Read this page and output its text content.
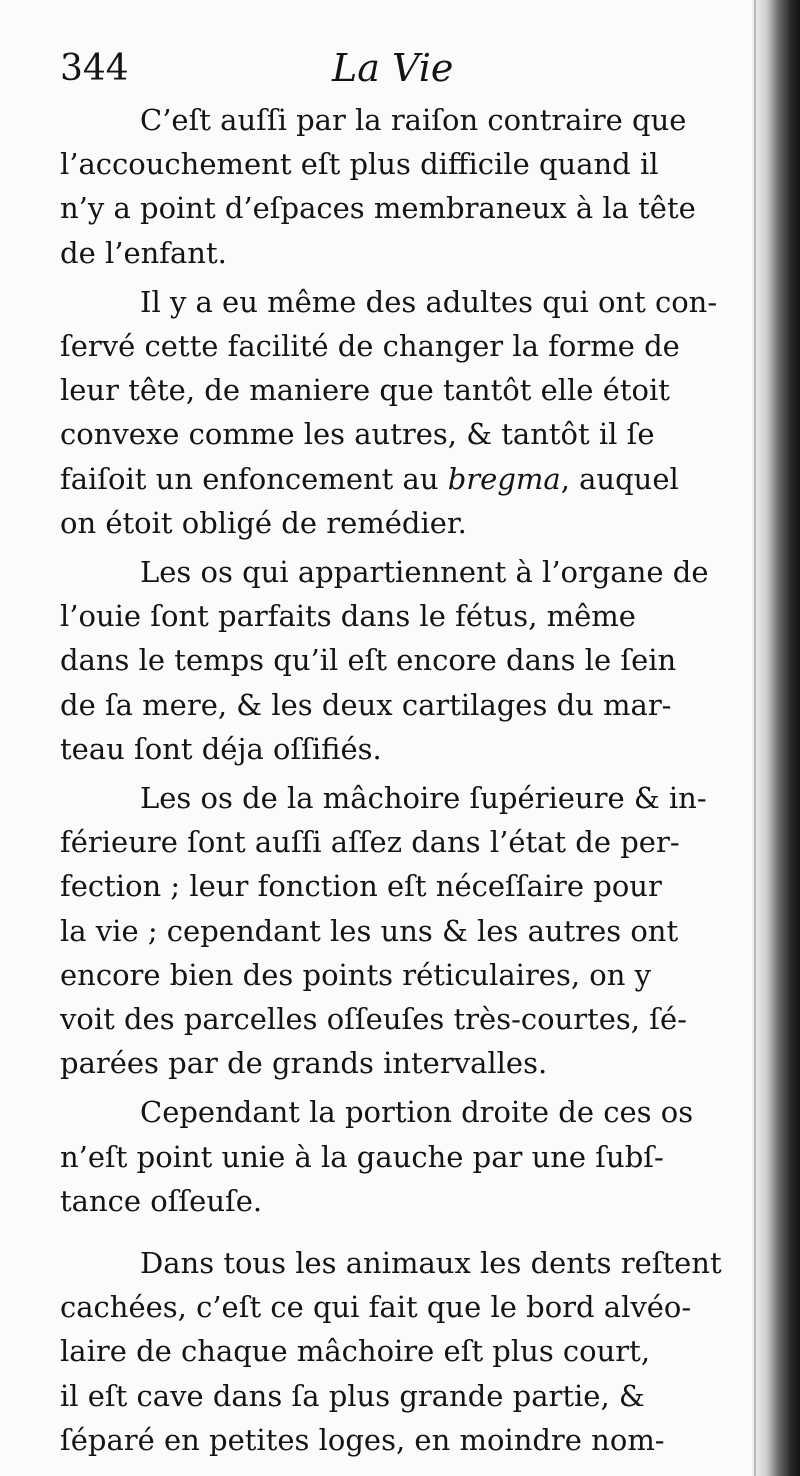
344	La Vie

C’eſt auſſi par la raiſon contraire que
l’accouchement eſt plus difficile quand il
n’y a point d’eſpaces membraneux à la tête
de l’enfant.

Il y a eu même des adultes qui ont con-
ſervé cette facilité de changer la forme de
leur tête, de maniere que tantôt elle étoit
convexe comme les autres, & tantôt il ſe
faiſoit un enfoncement au bregma, auquel
on étoit obligé de remédier.

Les os qui appartiennent à l’organe de
l’ouie ſont parfaits dans le fétus, même
dans le temps qu’il eſt encore dans le ſein
de ſa mere, & les deux cartilages du mar-
teau ſont déja oſſifiés.

Les os de la mâchoire ſupérieure & in-
férieure ſont auſſi aſſez dans l’état de per-
fection ; leur fonction eſt néceſſaire pour
la vie ; cependant les uns & les autres ont
encore bien des points réticulaires, on y
voit des parcelles oſſeuſes très-courtes, ſé-
parées par de grands intervalles.

Cependant la portion droite de ces os
n’eſt point unie à la gauche par une ſubſ-
tance oſſeuſe.

Dans tous les animaux les dents reſtent
cachées, c’eſt ce qui fait que le bord alvéo-
laire de chaque mâchoire eſt plus court,
il eſt cave dans ſa plus grande partie, &
ſéparé en petites loges, en moindre nom-
